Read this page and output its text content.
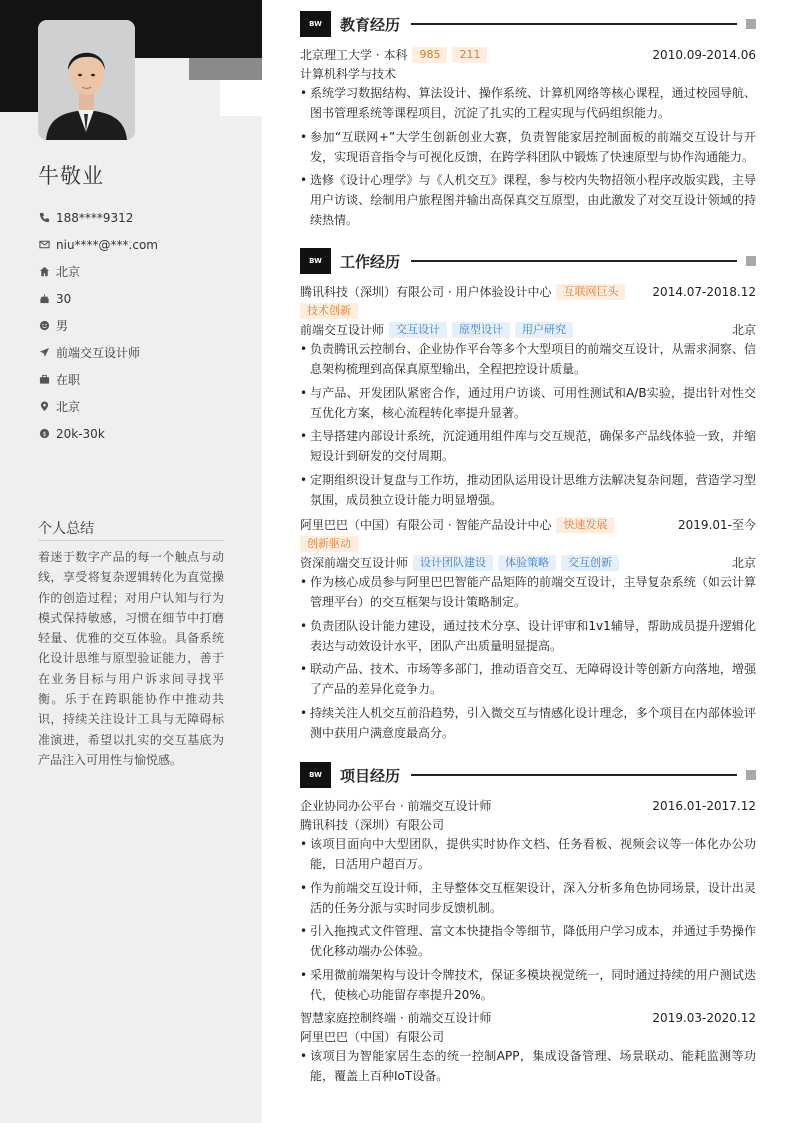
牛敬业
188****9312
niu****@***.com
北京
30
男
前端交互设计师
在职
北京
$ 20k-30k
个人总结
着迷于数字产品的每一个触点与动线，享受将复杂逻辑转化为直觉操作的创造过程；对用户认知与行为模式保持敏感，习惯在细节中打磨轻量、优雅的交互体验。具备系统化设计思维与原型验证能力，善于在业务目标与用户诉求间寻找平衡。乐于在跨职能协作中推动共识，持续关注设计工具与无障碍标准演进，希望以扎实的交互基底为产品注入可用性与愉悦感。
BW	教育经历
北京理工大学 · 本科	985	211	2010.09-2014.06
计算机科学与技术
• 系统学习数据结构、算法设计、操作系统、计算机网络等核心课程，通过校园导航、图书管理系统等课程项目，沉淀了扎实的工程实现与代码组织能力。
• 参加“互联网+”大学生创新创业大赛，负责智能家居控制面板的前端交互设计与开发，实现语音指令与可视化反馈，在跨学科团队中锻炼了快速原型与协作沟通能力。
• 选修《设计心理学》与《人机交互》课程，参与校内失物招领小程序改版实践，主导用户访谈、绘制用户旅程图并输出高保真交互原型，由此激发了对交互设计领域的持续热情。
BW	工作经历
腾讯科技（深圳）有限公司 · 用户体验设计中心	互联网巨头	2014.07-2018.12
技术创新
前端交互设计师	交互设计	原型设计	用户研究	北京
• 负责腾讯云控制台、企业协作平台等多个大型项目的前端交互设计，从需求洞察、信息架构梳理到高保真原型输出，全程把控设计质量。
• 与产品、开发团队紧密合作，通过用户访谈、可用性测试和A/B实验，提出针对性交互优化方案，核心流程转化率提升显著。
• 主导搭建内部设计系统，沉淀通用组件库与交互规范，确保多产品线体验一致，并缩短设计到研发的交付周期。
• 定期组织设计复盘与工作坊，推动团队运用设计思维方法解决复杂问题，营造学习型氛围，成员独立设计能力明显增强。
阿里巴巴（中国）有限公司 · 智能产品设计中心	快速发展	2019.01-至今
创新驱动
资深前端交互设计师	设计团队建设	体验策略	交互创新	北京
• 作为核心成员参与阿里巴巴智能产品矩阵的前端交互设计，主导复杂系统（如云计算管理平台）的交互框架与设计策略制定。
• 负责团队设计能力建设，通过技术分享、设计评审和1v1辅导，帮助成员提升逻辑化表达与动效设计水平，团队产出质量明显提高。
• 联动产品、技术、市场等多部门，推动语音交互、无障碍设计等创新方向落地，增强了产品的差异化竞争力。
• 持续关注人机交互前沿趋势，引入微交互与情感化设计理念，多个项目在内部体验评测中获用户满意度最高分。
BW	项目经历
企业协同办公平台 · 前端交互设计师	2016.01-2017.12
腾讯科技（深圳）有限公司
• 该项目面向中大型团队，提供实时协作文档、任务看板、视频会议等一体化办公功能，日活用户超百万。
• 作为前端交互设计师，主导整体交互框架设计，深入分析多角色协同场景，设计出灵活的任务分派与实时同步反馈机制。
• 引入拖拽式文件管理、富文本快捷指令等细节，降低用户学习成本，并通过手势操作优化移动端办公体验。
• 采用微前端架构与设计令牌技术，保证多模块视觉统一，同时通过持续的用户测试迭代，使核心功能留存率提升20%。
智慧家庭控制终端 · 前端交互设计师	2019.03-2020.12
阿里巴巴（中国）有限公司
• 该项目为智能家居生态的统一控制APP，集成设备管理、场景联动、能耗监测等功能，覆盖上百种IoT设备。
